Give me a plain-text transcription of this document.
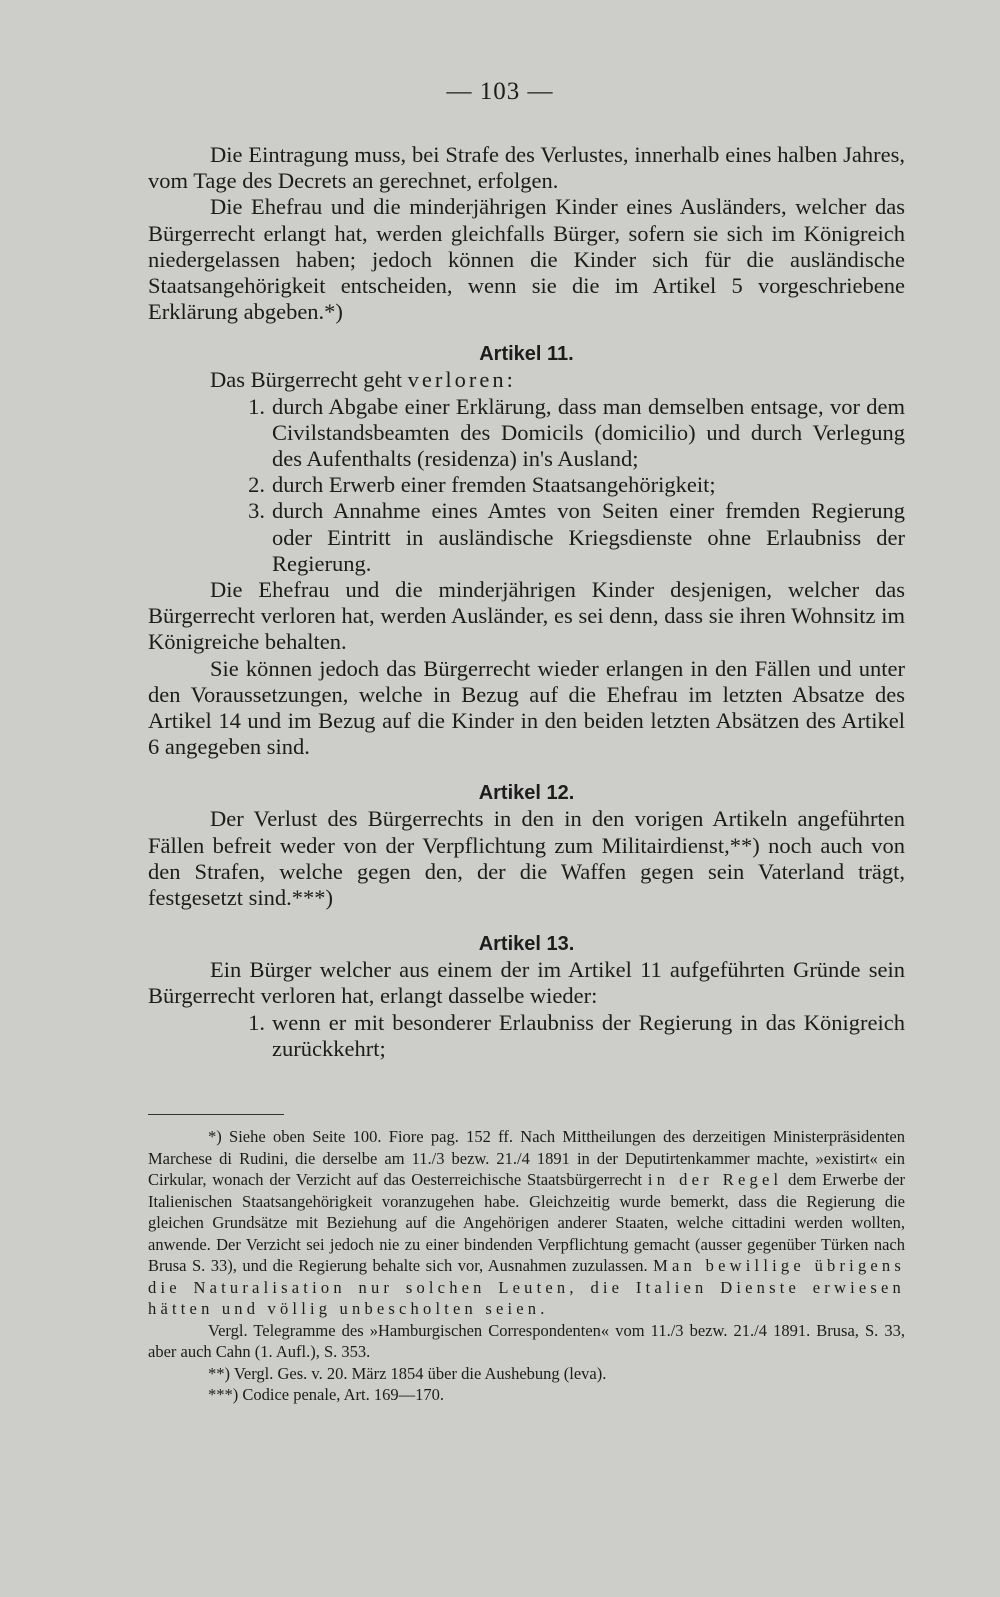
— 103 —

Die Eintragung muss, bei Strafe des Verlustes, innerhalb eines halben Jahres, vom Tage des Decrets an gerechnet, erfolgen.

Die Ehefrau und die minderjährigen Kinder eines Ausländers, welcher das Bürgerrecht erlangt hat, werden gleichfalls Bürger, sofern sie sich im Königreich niedergelassen haben; jedoch können die Kinder sich für die ausländische Staatsangehörigkeit entscheiden, wenn sie die im Artikel 5 vorgeschriebene Erklärung abgeben.*)

Artikel 11.

Das Bürgerrecht geht verloren:

1. durch Abgabe einer Erklärung, dass man demselben entsage, vor dem Civilstandsbeamten des Domicils (domicilio) und durch Verlegung des Aufenthalts (residenza) in's Ausland;
2. durch Erwerb einer fremden Staatsangehörigkeit;
3. durch Annahme eines Amtes von Seiten einer fremden Regierung oder Eintritt in ausländische Kriegsdienste ohne Erlaubniss der Regierung.

Die Ehefrau und die minderjährigen Kinder desjenigen, welcher das Bürgerrecht verloren hat, werden Ausländer, es sei denn, dass sie ihren Wohnsitz im Königreiche behalten.

Sie können jedoch das Bürgerrecht wieder erlangen in den Fällen und unter den Voraussetzungen, welche in Bezug auf die Ehefrau im letzten Absatze des Artikel 14 und im Bezug auf die Kinder in den beiden letzten Absätzen des Artikel 6 angegeben sind.

Artikel 12.

Der Verlust des Bürgerrechts in den in den vorigen Artikeln angeführten Fällen befreit weder von der Verpflichtung zum Militairdienst,**) noch auch von den Strafen, welche gegen den, der die Waffen gegen sein Vaterland trägt, festgesetzt sind.***)

Artikel 13.

Ein Bürger welcher aus einem der im Artikel 11 aufgeführten Gründe sein Bürgerrecht verloren hat, erlangt dasselbe wieder:

1. wenn er mit besonderer Erlaubniss der Regierung in das Königreich zurückkehrt;

*) Siehe oben Seite 100. Fiore pag. 152 ff. Nach Mittheilungen des derzeitigen Ministerpräsidenten Marchese di Rudini, die derselbe am 11./3 bezw. 21./4 1891 in der Deputirtenkammer machte, »existirt« ein Cirkular, wonach der Verzicht auf das Oesterreichische Staatsbürgerrecht in der Regel dem Erwerbe der Italienischen Staatsangehörigkeit voranzugehen habe. Gleichzeitig wurde bemerkt, dass die Regierung die gleichen Grundsätze mit Beziehung auf die Angehörigen anderer Staaten, welche cittadini werden wollten, anwende. Der Verzicht sei jedoch nie zu einer bindenden Verpflichtung gemacht (ausser gegenüber Türken nach Brusa S. 33), und die Regierung behalte sich vor, Ausnahmen zuzulassen. Man bewillige übrigens die Naturalisation nur solchen Leuten, die Italien Dienste erwiesen hätten und völlig unbescholten seien.

Vergl. Telegramme des »Hamburgischen Correspondenten« vom 11./3 bezw. 21./4 1891. Brusa, S. 33, aber auch Cahn (1. Aufl.), S. 353.

**) Vergl. Ges. v. 20. März 1854 über die Aushebung (leva).

***) Codice penale, Art. 169—170.
